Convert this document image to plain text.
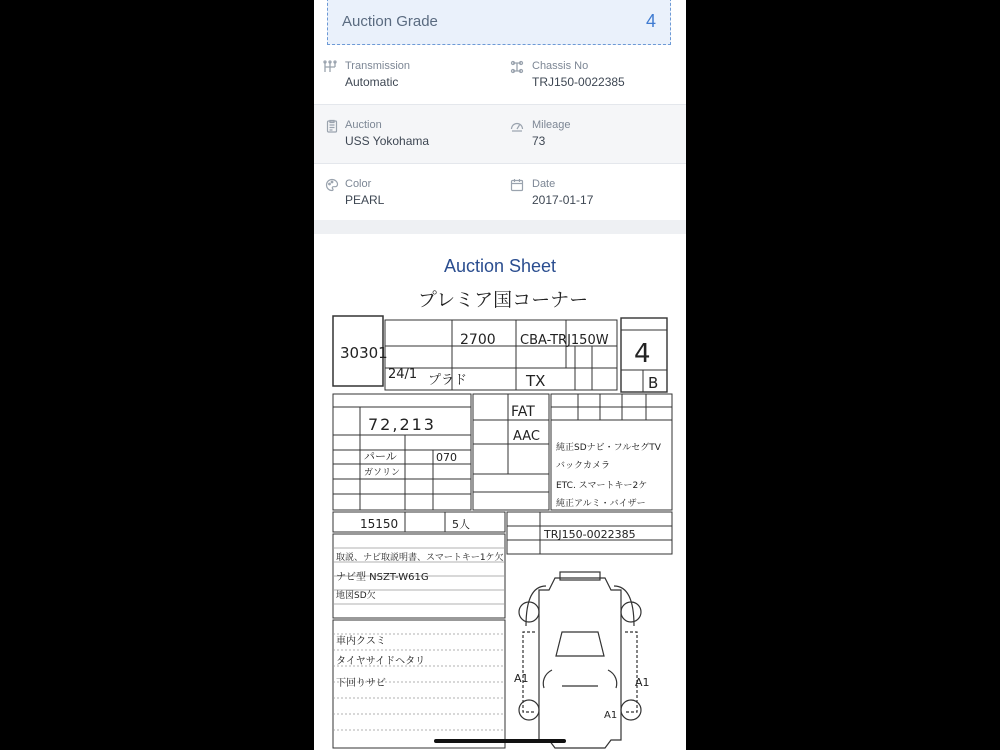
Auction Grade	4
Transmission
Automatic
Chassis No
TRJ150-0022385
Auction
USS Yokohama
Mileage
73
Color
PEARL
Date
2017-01-17
Auction Sheet
プレミア国コーナー
30301
2700 CBA-TRJ150W
24/1 プラド	TX
4
B
72,213
FAT
AAC
パール	070
ガソリン
15150	5人
TRJ150-0022385
純正SDナビ・フルセグTV
バックカメラ
ETC. スマートキー2ケ
純正アルミ・バイザー
取説、ナビ取説明書、スマートキー1ケ欠
ナビ型 NSZT-W61G
地図SD欠
車内クスミ
タイヤサイドヘタリ
下回りサビ	A1	A1
A1
